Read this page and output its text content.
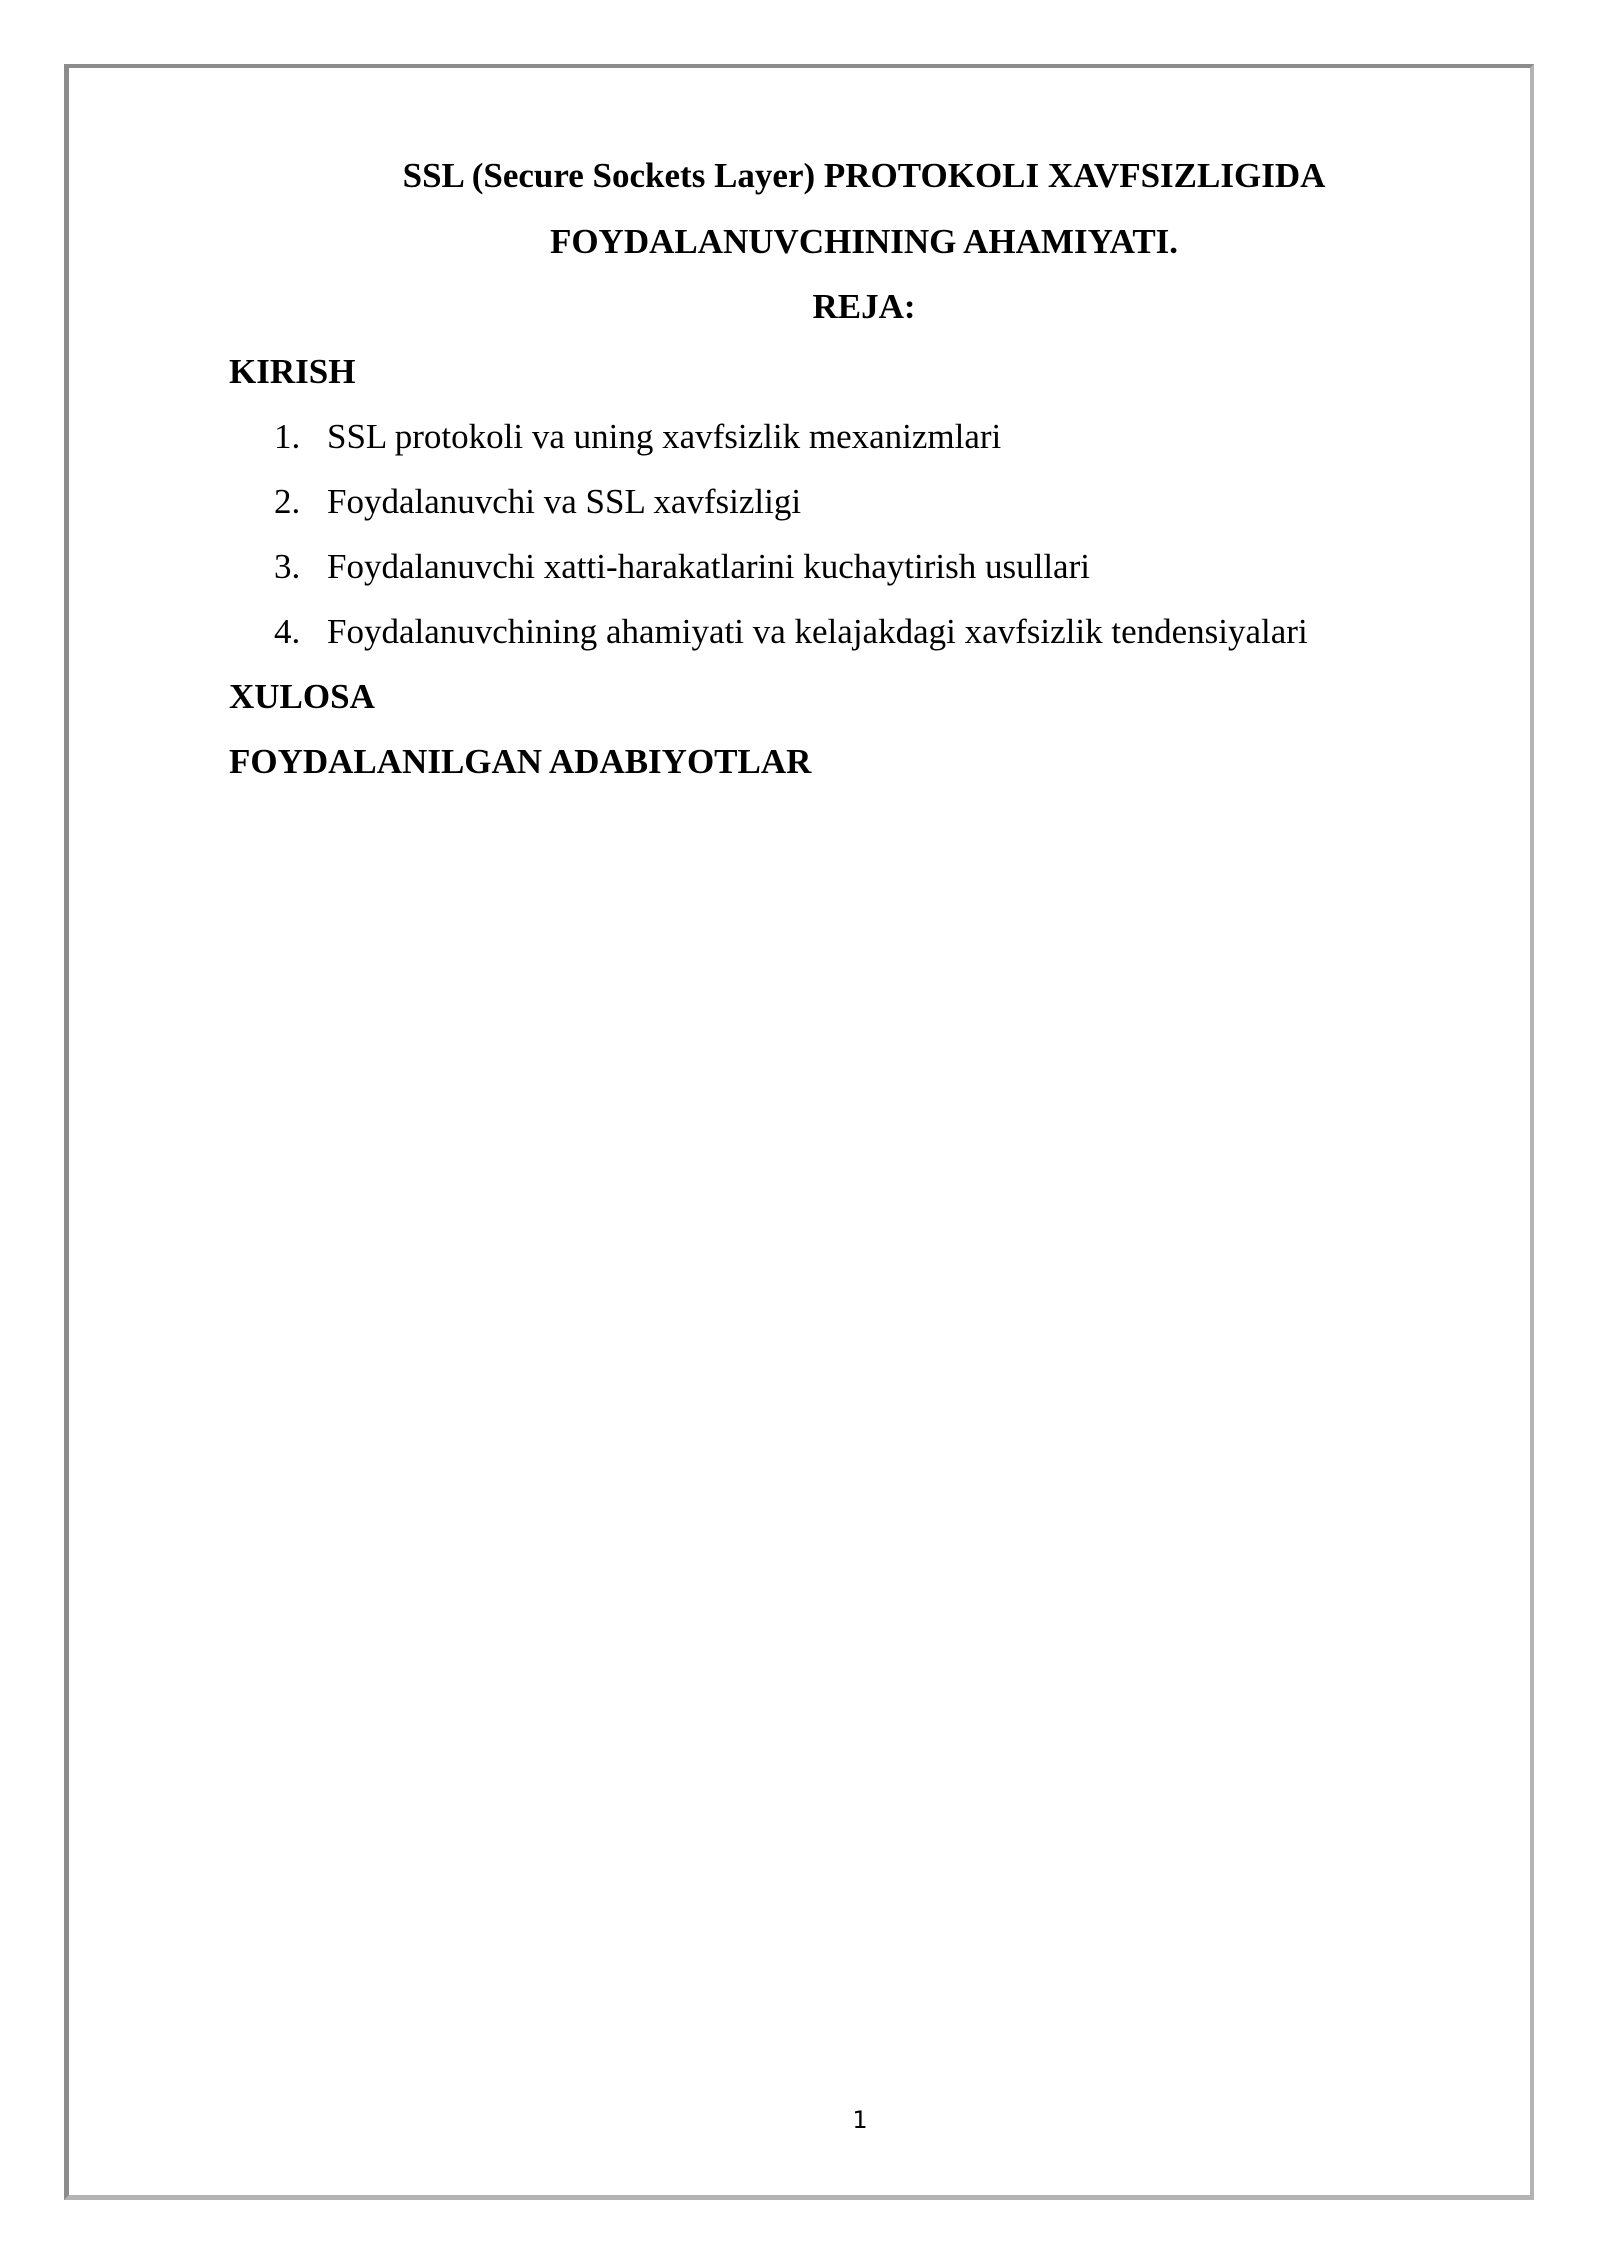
SSL (Secure Sockets Layer) PROTOKOLI XAVFSIZLIGIDA
FOYDALANUVCHINING AHAMIYATI.
REJA:
KIRISH
1. SSL protokoli va uning xavfsizlik mexanizmlari
2. Foydalanuvchi va SSL xavfsizligi
3. Foydalanuvchi xatti-harakatlarini kuchaytirish usullari
4. Foydalanuvchining ahamiyati va kelajakdagi xavfsizlik tendensiyalari
XULOSA
FOYDALANILGAN ADABIYOTLAR
1
